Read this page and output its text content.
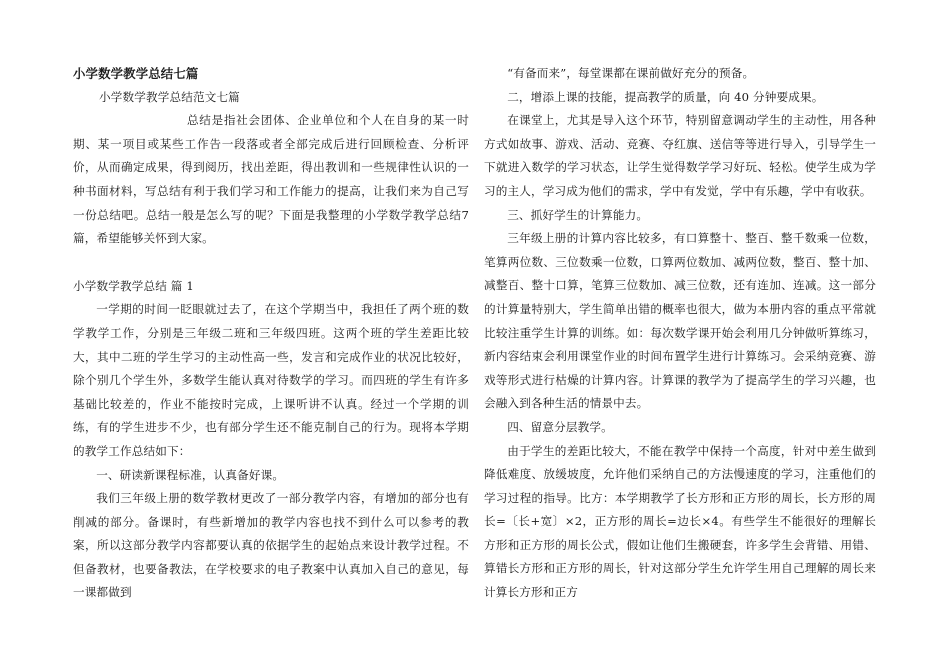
小学数学教学总结七篇

小学数学教学总结范文七篇

总结是指社会团体、企业单位和个人在自身的某一时期、某一项目或某些工作告一段落或者全部完成后进行回顾检查、分析评价，从而确定成果，得到阅历，找出差距，得出教训和一些规律性认识的一种书面材料，写总结有利于我们学习和工作能力的提高，让我们来为自己写一份总结吧。总结一般是怎么写的呢？下面是我整理的小学数学教学总结7篇，希望能够关怀到大家。

小学数学教学总结 篇 1

一学期的时间一眨眼就过去了，在这个学期当中，我担任了两个班的数学教学工作，分别是三年级二班和三年级四班。这两个班的学生差距比较大，其中二班的学生学习的主动性高一些，发言和完成作业的状况比较好，除个别几个学生外，多数学生能认真对待数学的学习。而四班的学生有许多基础比较差的，作业不能按时完成，上课听讲不认真。经过一个学期的训练，有的学生进步不少，也有部分学生还不能克制自己的行为。现将本学期的教学工作总结如下：

一、研读新课程标准，认真备好课。

我们三年级上册的数学教材更改了一部分教学内容，有增加的部分也有削减的部分。备课时，有些新增加的教学内容也找不到什么可以参考的教案，所以这部分教学内容都要认真的依据学生的起始点来设计教学过程。不但备教材，也要备教法，在学校要求的电子教案中认真加入自己的意见，每一课都做到

“有备而来”，每堂课都在课前做好充分的预备。

二，增添上课的技能，提高教学的质量，向 40 分钟要成果。

在课堂上，尤其是导入这个环节，特别留意调动学生的主动性，用各种方式如故事、游戏、活动、竞赛、夺红旗、送信等等进行导入，引导学生一下就进入数学的学习状态，让学生觉得数学学习好玩、轻松。使学生成为学习的主人，学习成为他们的需求，学中有发觉，学中有乐趣，学中有收获。

三、抓好学生的计算能力。

三年级上册的计算内容比较多，有口算整十、整百、整千数乘一位数，笔算两位数、三位数乘一位数，口算两位数加、减两位数，整百、整十加、减整百、整十口算，笔算三位数加、减三位数，还有连加、连减。这一部分的计算量特别大，学生简单出错的概率也很大，做为本册内容的重点平常就比较注重学生计算的训练。如：每次数学课开始会利用几分钟做听算练习，新内容结束会利用课堂作业的时间布置学生进行计算练习。会采纳竞赛、游戏等形式进行枯燥的计算内容。计算课的教学为了提高学生的学习兴趣，也会融入到各种生活的情景中去。

四、留意分层教学。

由于学生的差距比较大，不能在教学中保持一个高度，针对中差生做到降低难度、放缓坡度，允许他们采纳自己的方法慢速度的学习，注重他们的学习过程的指导。比方：本学期教学了长方形和正方形的周长，长方形的周长=〔长+宽〕×2，正方形的周长=边长×4。有些学生不能很好的理解长方形和正方形的周长公式，假如让他们生搬硬套，许多学生会背错、用错、算错长方形和正方形的周长，针对这部分学生允许学生用自己理解的周长来计算长方形和正方
